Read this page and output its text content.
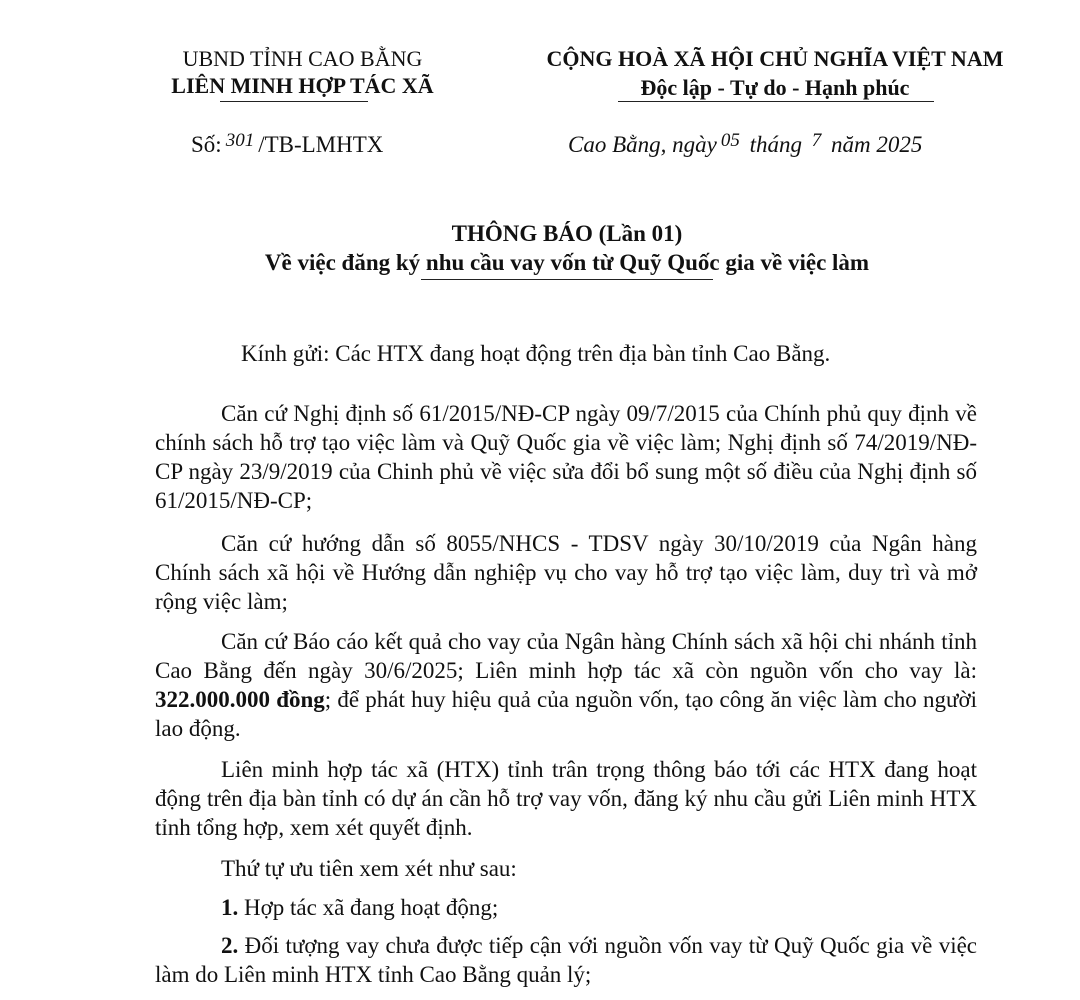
UBND TỈNH CAO BẰNG
LIÊN MINH HỢP TÁC XÃ
CỘNG HOÀ XÃ HỘI CHỦ NGHĨA VIỆT NAM
Độc lập - Tự do - Hạnh phúc
Số: $^{301}$ /TB-LMHTX	Cao Bằng, ngày $^{05}$ tháng $^7$ năm 2025
THÔNG BÁO (Lần 01)
Về việc đăng ký nhu cầu vay vốn từ Quỹ Quốc gia về việc làm
Kính gửi: Các HTX đang hoạt động trên địa bàn tỉnh Cao Bằng.

Căn cứ Nghị định số 61/2015/NĐ-CP ngày 09/7/2015 của Chính phủ quy định về chính sách hỗ trợ tạo việc làm và Quỹ Quốc gia về việc làm; Nghị định số 74/2019/NĐ-CP ngày 23/9/2019 của Chinh phủ về việc sửa đổi bổ sung một số điều của Nghị định số 61/2015/NĐ-CP;

Căn cứ hướng dẫn số 8055/NHCS - TDSV ngày 30/10/2019 của Ngân hàng Chính sách xã hội về Hướng dẫn nghiệp vụ cho vay hỗ trợ tạo việc làm, duy trì và mở rộng việc làm;

Căn cứ Báo cáo kết quả cho vay của Ngân hàng Chính sách xã hội chi nhánh tỉnh Cao Bằng đến ngày 30/6/2025; Liên minh hợp tác xã còn nguồn vốn cho vay là: 322.000.000 đồng; để phát huy hiệu quả của nguồn vốn, tạo công ăn việc làm cho người lao động.

Liên minh hợp tác xã (HTX) tỉnh trân trọng thông báo tới các HTX đang hoạt động trên địa bàn tỉnh có dự án cần hỗ trợ vay vốn, đăng ký nhu cầu gửi Liên minh HTX tỉnh tổng hợp, xem xét quyết định.

Thứ tự ưu tiên xem xét như sau:

1. Hợp tác xã đang hoạt động;

2. Đối tượng vay chưa được tiếp cận với nguồn vốn vay từ Quỹ Quốc gia về việc làm do Liên minh HTX tỉnh Cao Bằng quản lý;
